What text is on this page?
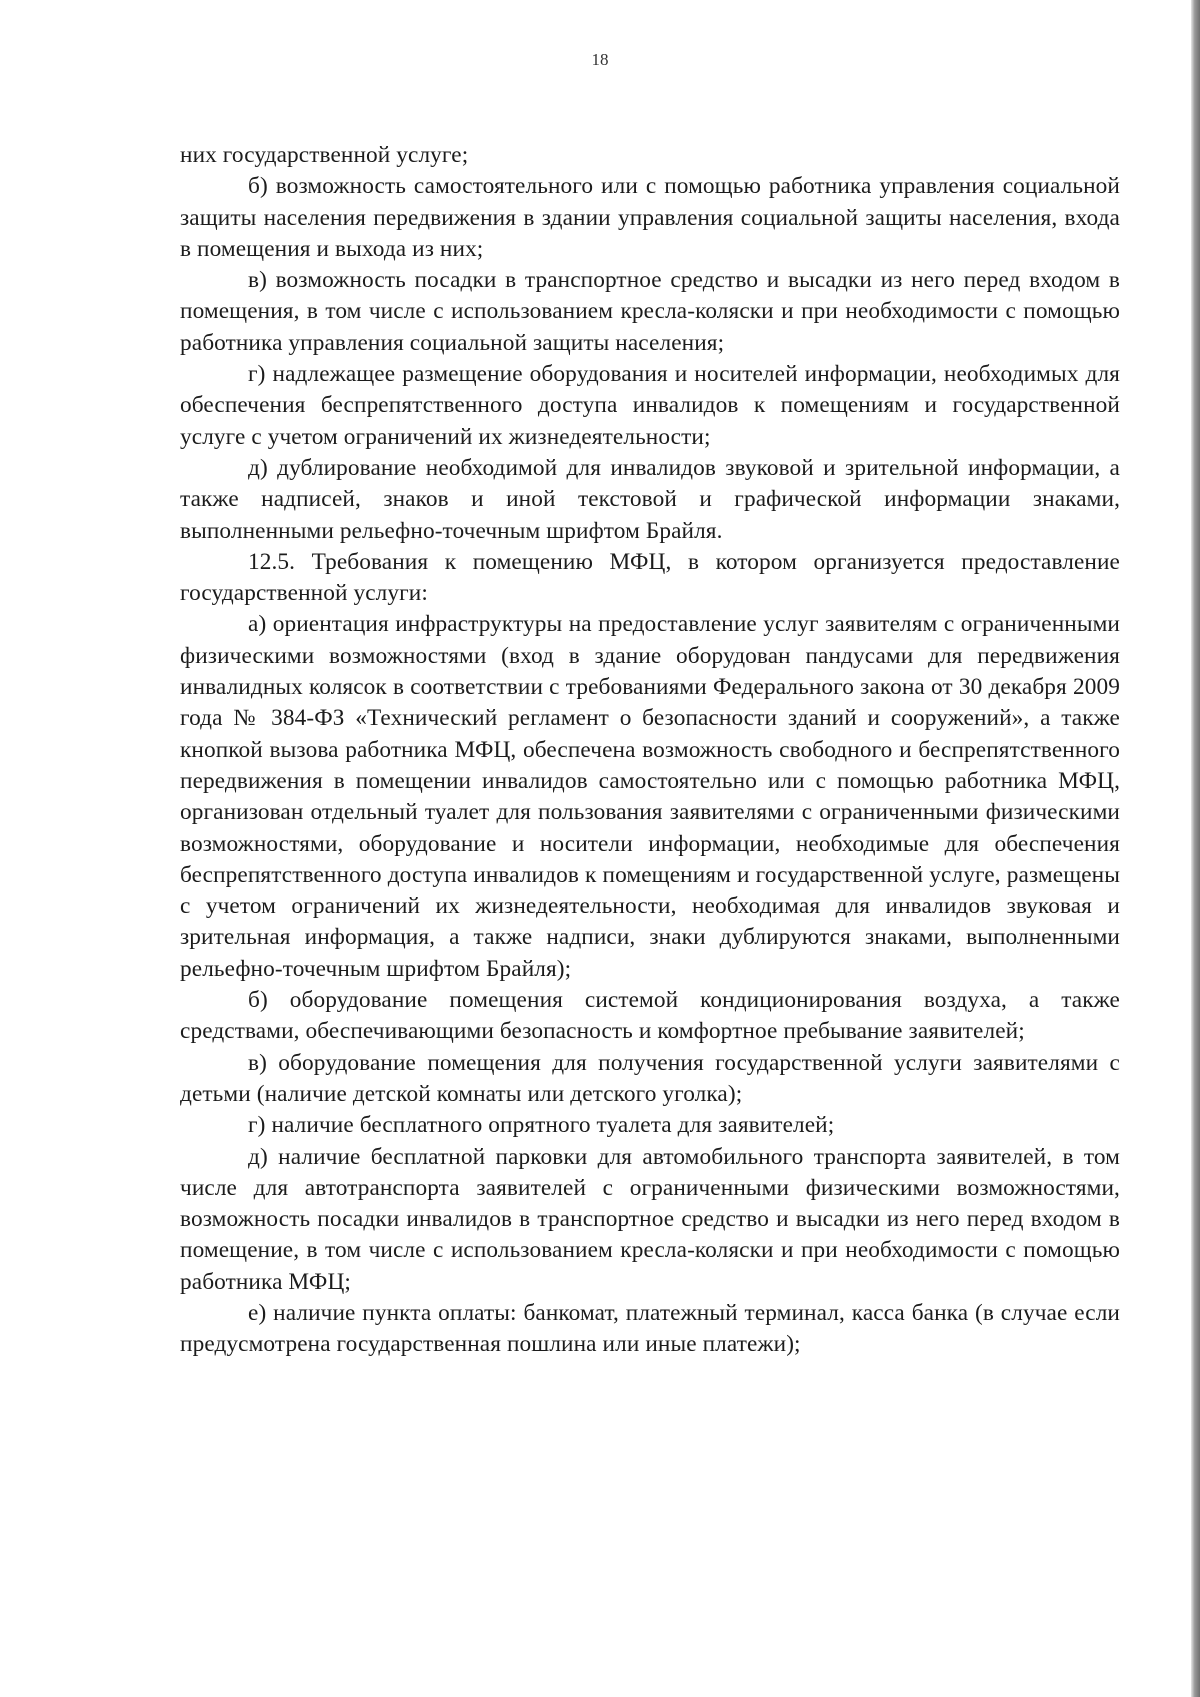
18

них государственной услуге;

б) возможность самостоятельного или с помощью работника управления социальной защиты населения передвижения в здании управления социальной защиты населения, входа в помещения и выхода из них;

в) возможность посадки в транспортное средство и высадки из него перед входом в помещения, в том числе с использованием кресла-коляски и при необходимости с помощью работника управления социальной защиты населения;

г) надлежащее размещение оборудования и носителей информации, необходимых для обеспечения беспрепятственного доступа инвалидов к помещениям и государственной услуге с учетом ограничений их жизнедеятельности;

д) дублирование необходимой для инвалидов звуковой и зрительной информации, а также надписей, знаков и иной текстовой и графической информации знаками, выполненными рельефно-точечным шрифтом Брайля.

12.5. Требования к помещению МФЦ, в котором организуется предоставление государственной услуги:

а) ориентация инфраструктуры на предоставление услуг заявителям с ограниченными физическими возможностями (вход в здание оборудован пандусами для передвижения инвалидных колясок в соответствии с требованиями Федерального закона от 30 декабря 2009 года № 384-ФЗ «Технический регламент о безопасности зданий и сооружений», а также кнопкой вызова работника МФЦ, обеспечена возможность свободного и беспрепятственного передвижения в помещении инвалидов самостоятельно или с помощью работника МФЦ, организован отдельный туалет для пользования заявителями с ограниченными физическими возможностями, оборудование и носители информации, необходимые для обеспечения беспрепятственного доступа инвалидов к помещениям и государственной услуге, размещены с учетом ограничений их жизнедеятельности, необходимая для инвалидов звуковая и зрительная информация, а также надписи, знаки дублируются знаками, выполненными рельефно-точечным шрифтом Брайля);

б) оборудование помещения системой кондиционирования воздуха, а также средствами, обеспечивающими безопасность и комфортное пребывание заявителей;

в) оборудование помещения для получения государственной услуги заявителями с детьми (наличие детской комнаты или детского уголка);

г) наличие бесплатного опрятного туалета для заявителей;

д) наличие бесплатной парковки для автомобильного транспорта заявителей, в том числе для автотранспорта заявителей с ограниченными физическими возможностями, возможность посадки инвалидов в транспортное средство и высадки из него перед входом в помещение, в том числе с использованием кресла-коляски и при необходимости с помощью работника МФЦ;

е) наличие пункта оплаты: банкомат, платежный терминал, касса банка (в случае если предусмотрена государственная пошлина или иные платежи);
